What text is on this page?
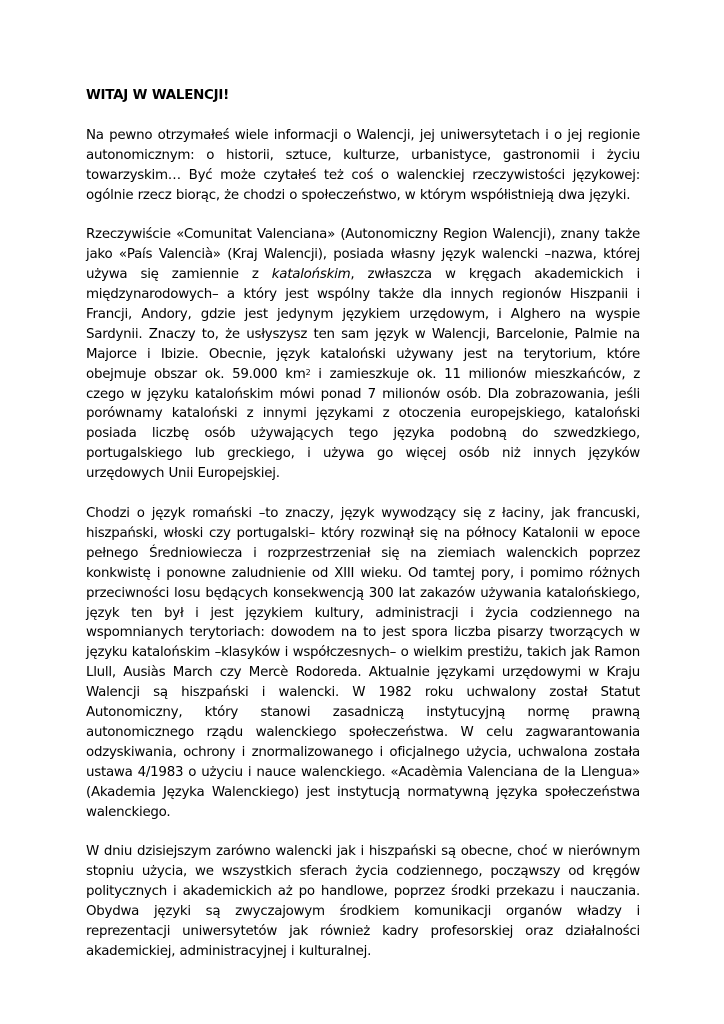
WITAJ W WALENCJI!

Na pewno otrzymałeś wiele informacji o Walencji, jej uniwersytetach i o jej regionie autonomicznym: o historii, sztuce, kulturze, urbanistyce, gastronomii i życiu towarzyskim… Być może czytałeś też coś o walenckiej rzeczywistości językowej: ogólnie rzecz biorąc, że chodzi o społeczeństwo, w którym współistnieją dwa języki.

Rzeczywiście «Comunitat Valenciana» (Autonomiczny Region Walencji), znany także jako «País Valencià» (Kraj Walencji), posiada własny język walencki –nazwa, której używa się zamiennie z katalońskim, zwłaszcza w kręgach akademickich i międzynarodowych– a który jest wspólny także dla innych regionów Hiszpanii i Francji, Andory, gdzie jest jedynym językiem urzędowym, i Alghero na wyspie Sardynii. Znaczy to, że usłyszysz ten sam język w Walencji, Barcelonie, Palmie na Majorce i Ibizie. Obecnie, język kataloński używany jest na terytorium, które obejmuje obszar ok. 59.000 $km^2$ i zamieszkuje ok. 11 milionów mieszkańców, z czego w języku katalońskim mówi ponad 7 milionów osób. Dla zobrazowania, jeśli porównamy kataloński z innymi językami z otoczenia europejskiego, kataloński posiada liczbę osób używających tego języka podobną do szwedzkiego, portugalskiego lub greckiego, i używa go więcej osób niż innych języków urzędowych Unii Europejskiej.

Chodzi o język romański –to znaczy, język wywodzący się z łaciny, jak francuski, hiszpański, włoski czy portugalski– który rozwinął się na północy Katalonii w epoce pełnego Średniowiecza i rozprzestrzeniał się na ziemiach walenckich poprzez konkwistę i ponowne zaludnienie od XIII wieku. Od tamtej pory, i pomimo różnych przeciwności losu będących konsekwencją 300 lat zakazów używania katalońskiego, język ten był i jest językiem kultury, administracji i życia codziennego na wspomnianych terytoriach: dowodem na to jest spora liczba pisarzy tworzących w języku katalońskim –klasyków i współczesnych– o wielkim prestiżu, takich jak Ramon Llull, Ausiàs March czy Mercè Rodoreda. Aktualnie językami urzędowymi w Kraju Walencji są hiszpański i walencki. W 1982 roku uchwalony został Statut Autonomiczny, który stanowi zasadniczą instytucyjną normę prawną autonomicznego rządu walenckiego społeczeństwa. W celu zagwarantowania odzyskiwania, ochrony i znormalizowanego i oficjalnego użycia, uchwalona została ustawa 4/1983 o użyciu i nauce walenckiego. «Acadèmia Valenciana de la Llengua» (Akademia Języka Walenckiego) jest instytucją normatywną języka społeczeństwa walenckiego.

W dniu dzisiejszym zarówno walencki jak i hiszpański są obecne, choć w nierównym stopniu użycia, we wszystkich sferach życia codziennego, począwszy od kręgów politycznych i akademickich aż po handlowe, poprzez środki przekazu i nauczania. Obydwa języki są zwyczajowym środkiem komunikacji organów władzy i reprezentacji uniwersytetów jak również kadry profesorskiej oraz działalności akademickiej, administracyjnej i kulturalnej.
